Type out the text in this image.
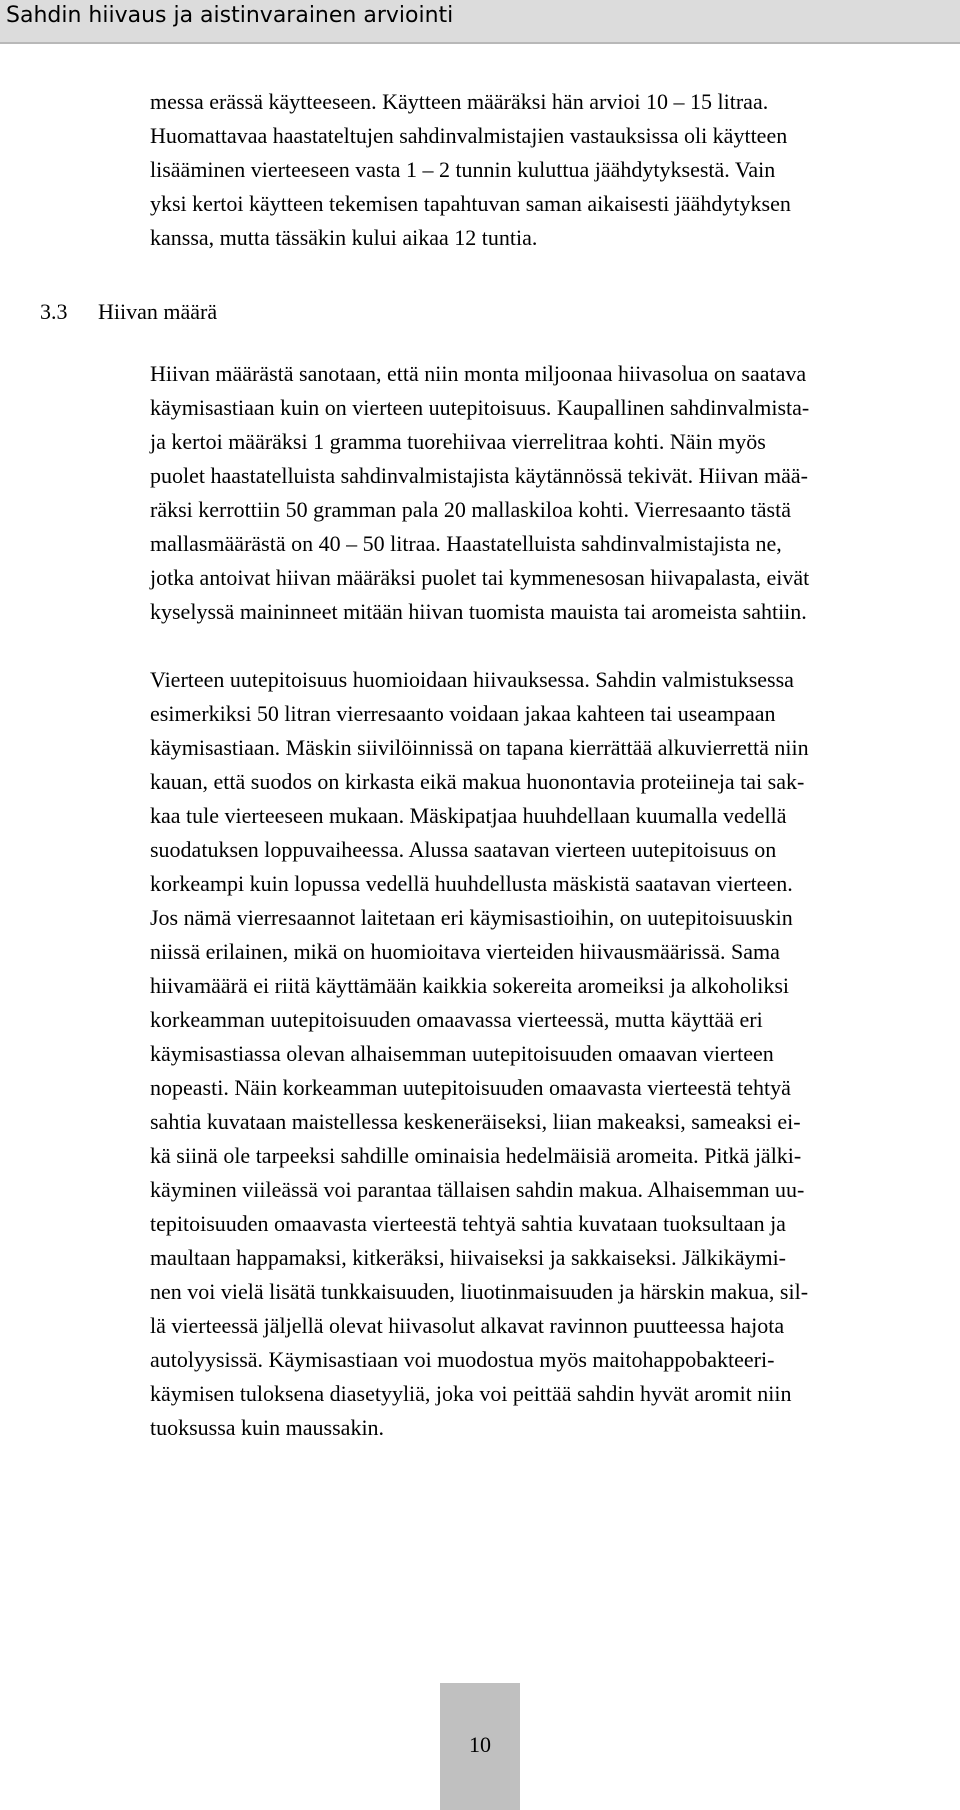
Sahdin hiivaus ja aistinvarainen arviointi
messa erässä käytteeseen. Käytteen määräksi hän arvioi 10 – 15 litraa.
Huomattavaa haastateltujen sahdinvalmistajien vastauksissa oli käytteen
lisääminen vierteeseen vasta 1 – 2 tunnin kuluttua jäähdytyksestä. Vain
yksi kertoi käytteen tekemisen tapahtuvan saman aikaisesti jäähdytyksen
kanssa, mutta tässäkin kului aikaa 12 tuntia.
3.3 Hiivan määrä
Hiivan määrästä sanotaan, että niin monta miljoonaa hiivasolua on saatava
käymisastiaan kuin on vierteen uutepitoisuus. Kaupallinen sahdinvalmista-
ja kertoi määräksi 1 gramma tuorehiivaa vierrelitraa kohti. Näin myös
puolet haastatelluista sahdinvalmistajista käytännössä tekivät. Hiivan mää-
räksi kerrottiin 50 gramman pala 20 mallaskiloa kohti. Vierresaanto tästä
mallasmäärästä on 40 – 50 litraa. Haastatelluista sahdinvalmistajista ne,
jotka antoivat hiivan määräksi puolet tai kymmenesosan hiivapalasta, eivät
kyselyssä maininneet mitään hiivan tuomista mauista tai aromeista sahtiin.
Vierteen uutepitoisuus huomioidaan hiivauksessa. Sahdin valmistuksessa
esimerkiksi 50 litran vierresaanto voidaan jakaa kahteen tai useampaan
käymisastiaan. Mäskin siivilöinnissä on tapana kierrättää alkuvierrettä niin
kauan, että suodos on kirkasta eikä makua huonontavia proteiineja tai sak-
kaa tule vierteeseen mukaan. Mäskipatjaa huuhdellaan kuumalla vedellä
suodatuksen loppuvaiheessa. Alussa saatavan vierteen uutepitoisuus on
korkeampi kuin lopussa vedellä huuhdellusta mäskistä saatavan vierteen.
Jos nämä vierresaannot laitetaan eri käymisastioihin, on uutepitoisuuskin
niissä erilainen, mikä on huomioitava vierteiden hiivausmäärissä. Sama
hiivamäärä ei riitä käyttämään kaikkia sokereita aromeiksi ja alkoholiksi
korkeamman uutepitoisuuden omaavassa vierteessä, mutta käyttää eri
käymisastiassa olevan alhaisemman uutepitoisuuden omaavan vierteen
nopeasti. Näin korkeamman uutepitoisuuden omaavasta vierteestä tehtyä
sahtia kuvataan maistellessa keskeneräiseksi, liian makeaksi, sameaksi ei-
kä siinä ole tarpeeksi sahdille ominaisia hedelmäisiä aromeita. Pitkä jälki-
käyminen viileässä voi parantaa tällaisen sahdin makua. Alhaisemman uu-
tepitoisuuden omaavasta vierteestä tehtyä sahtia kuvataan tuoksultaan ja
maultaan happamaksi, kitkeräksi, hiivaiseksi ja sakkaiseksi. Jälkikäymi-
nen voi vielä lisätä tunkkaisuuden, liuotinmaisuuden ja härskin makua, sil-
lä vierteessä jäljellä olevat hiivasolut alkavat ravinnon puutteessa hajota
autolyysissä. Käymisastiaan voi muodostua myös maitohappobakteeri-
käymisen tuloksena diasetyyliä, joka voi peittää sahdin hyvät aromit niin
tuoksussa kuin maussakin.
10
